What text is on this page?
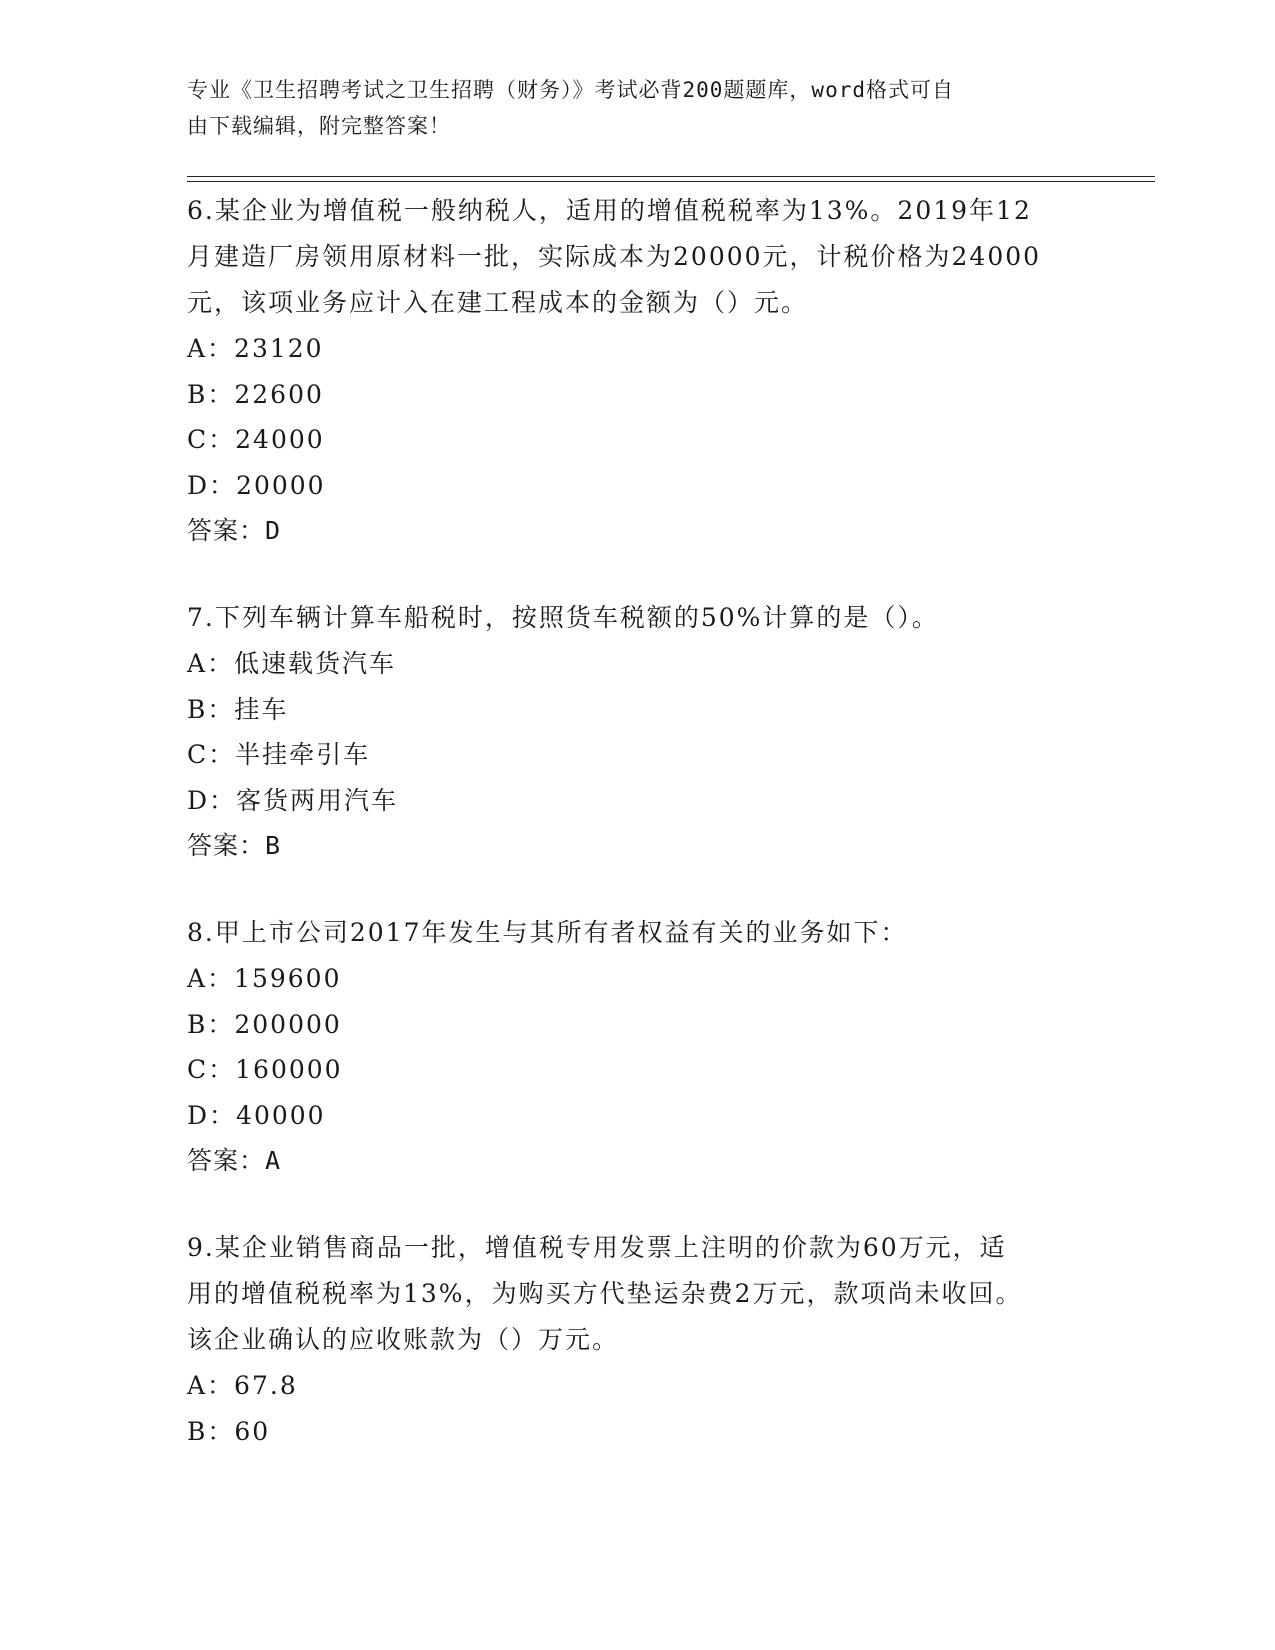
专业《卫生招聘考试之卫生招聘（财务）》考试必背200题题库，word格式可自
由下载编辑，附完整答案！

6.某企业为增值税一般纳税人，适用的增值税税率为13%。2019年12

月建造厂房领用原材料一批，实际成本为20000元，计税价格为24000

元，该项业务应计入在建工程成本的金额为（）元。

A：23120

B：22600

C：24000

D：20000

答案：D

7.下列车辆计算车船税时，按照货车税额的50%计算的是（）。

A：低速载货汽车

B：挂车

C：半挂牵引车

D：客货两用汽车

答案：B

8.甲上市公司2017年发生与其所有者权益有关的业务如下：

A：159600

B：200000

C：160000

D：40000

答案：A

9.某企业销售商品一批，增值税专用发票上注明的价款为60万元，适

用的增值税税率为13%，为购买方代垫运杂费2万元，款项尚未收回。

该企业确认的应收账款为（）万元。

A：67.8

B：60
